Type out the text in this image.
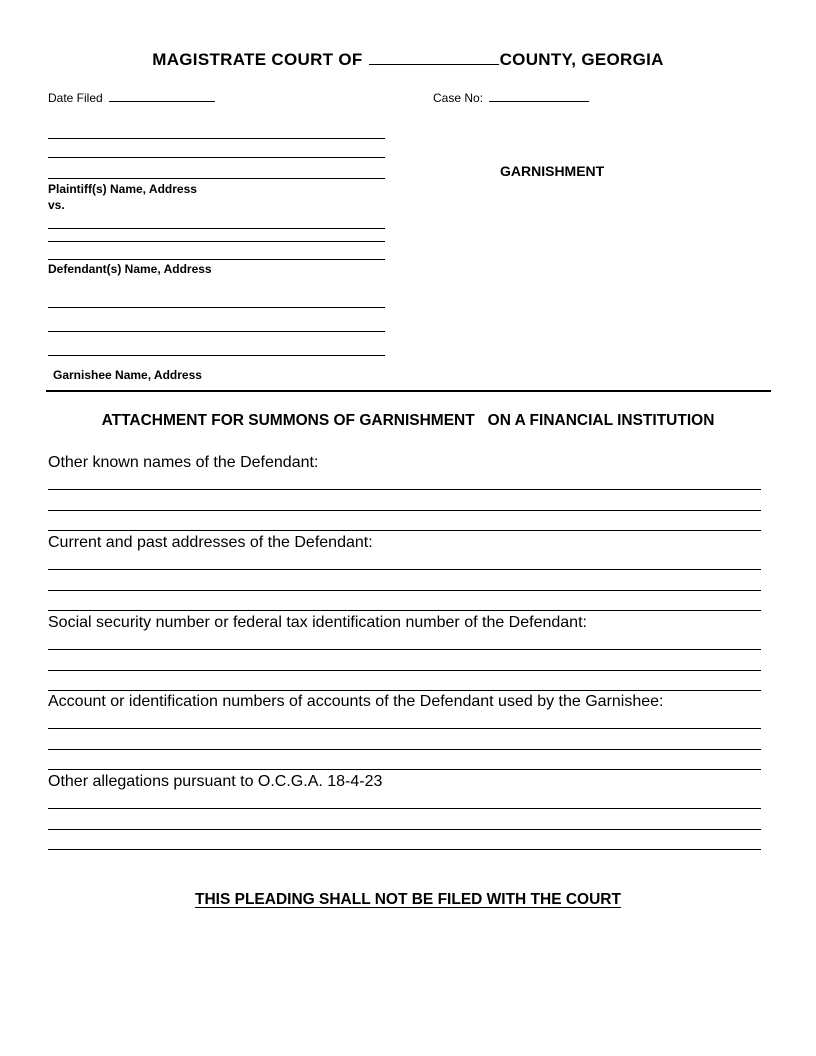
MAGISTRATE COURT OF	COUNTY, GEORGIA
Date Filed	Case No:
Plaintiff(s) Name, Address
vs.
GARNISHMENT
Defendant(s) Name, Address
Garnishee Name, Address
ATTACHMENT FOR SUMMONS OF GARNISHMENT   ON A FINANCIAL INSTITUTION
Other known names of the Defendant:
Current and past addresses of the Defendant:
Social security number or federal tax identification number of the Defendant:
Account or identification numbers of accounts of the Defendant used by the Garnishee:
Other allegations pursuant to O.C.G.A. 18-4-23
THIS PLEADING SHALL NOT BE FILED WITH THE COURT
